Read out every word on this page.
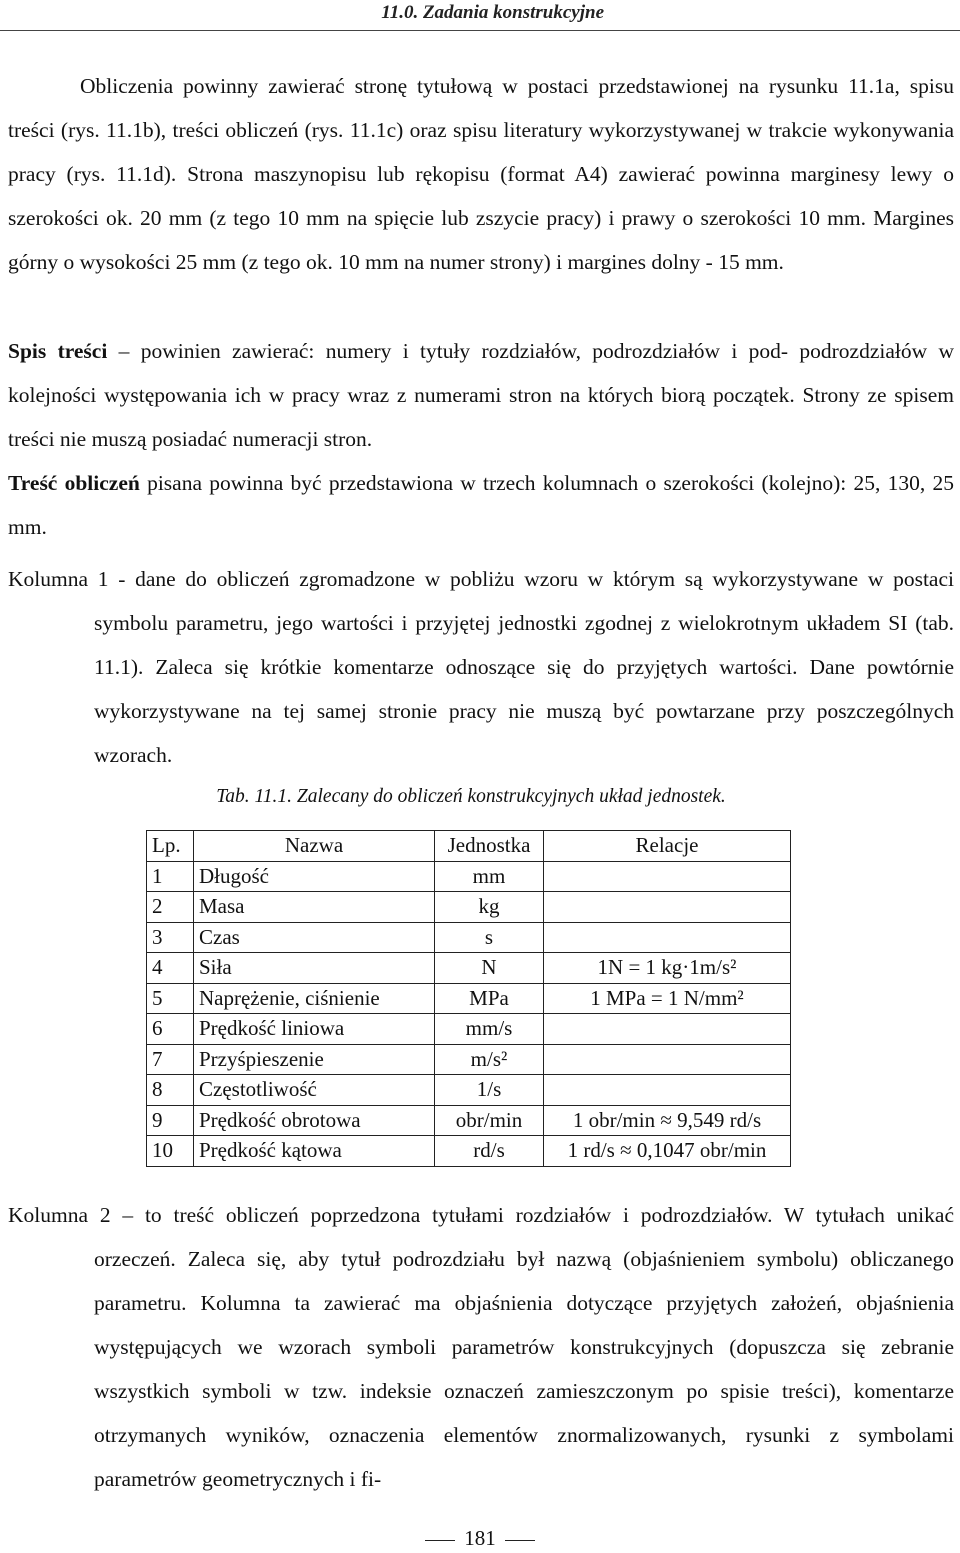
11.0. Zadania konstrukcyjne
Obliczenia powinny zawierać stronę tytułową w postaci przedstawionej na rysunku 11.1a, spisu treści (rys. 11.1b), treści obliczeń (rys. 11.1c) oraz spisu literatury wykorzystywanej w trakcie wykonywania pracy (rys. 11.1d). Strona maszynopisu lub rękopisu (format A4) zawierać powinna marginesy lewy o szerokości ok. 20 mm (z tego 10 mm na spięcie lub zszycie pracy) i prawy o szerokości 10 mm. Margines górny o wysokości 25 mm (z tego ok. 10 mm na numer strony) i margines dolny - 15 mm.
Spis treści – powinien zawierać: numery i tytuły rozdziałów, podrozdziałów i pod- podrozdziałów w kolejności występowania ich w pracy wraz z numerami stron na których biorą początek. Strony ze spisem treści nie muszą posiadać numeracji stron.
Treść obliczeń pisana powinna być przedstawiona w trzech kolumnach o szerokości (kolejno): 25, 130, 25 mm.
Kolumna 1 - dane do obliczeń zgromadzone w pobliżu wzoru w którym są wykorzystywane w postaci symbolu parametru, jego wartości i przyjętej jednostki zgodnej z wielokrotnym układem SI (tab. 11.1). Zaleca się krótkie komentarze odnoszące się do przyjętych wartości. Dane powtórnie wykorzystywane na tej samej stronie pracy nie muszą być powtarzane przy poszczególnych wzorach.
Tab. 11.1. Zalecany do obliczeń konstrukcyjnych układ jednostek.
Lp.	Nazwa	Jednostka	Relacje
1	Długość	mm	
2	Masa	kg	
3	Czas	s	
4	Siła	N	1N = 1 kg·1m/s²
5	Naprężenie, ciśnienie	MPa	1 MPa = 1 N/mm²
6	Prędkość liniowa	mm/s	
7	Przyśpieszenie	m/s²	
8	Częstotliwość	1/s	
9	Prędkość obrotowa	obr/min	1 obr/min ≈ 9,549 rd/s
10	Prędkość kątowa	rd/s	1 rd/s ≈ 0,1047 obr/min
Kolumna 2 – to treść obliczeń poprzedzona tytułami rozdziałów i podrozdziałów. W tytułach unikać orzeczeń. Zaleca się, aby tytuł podrozdziału był nazwą (objaśnieniem symbolu) obliczanego parametru. Kolumna ta zawierać ma objaśnienia dotyczące przyjętych założeń, objaśnienia występujących we wzorach symboli parametrów konstrukcyjnych (dopuszcza się zebranie wszystkich symboli w tzw. indeksie oznaczeń zamieszczonym po spisie treści), komentarze otrzymanych wyników, oznaczenia elementów znormalizowanych, rysunki z symbolami parametrów geometrycznych i fi-
181
